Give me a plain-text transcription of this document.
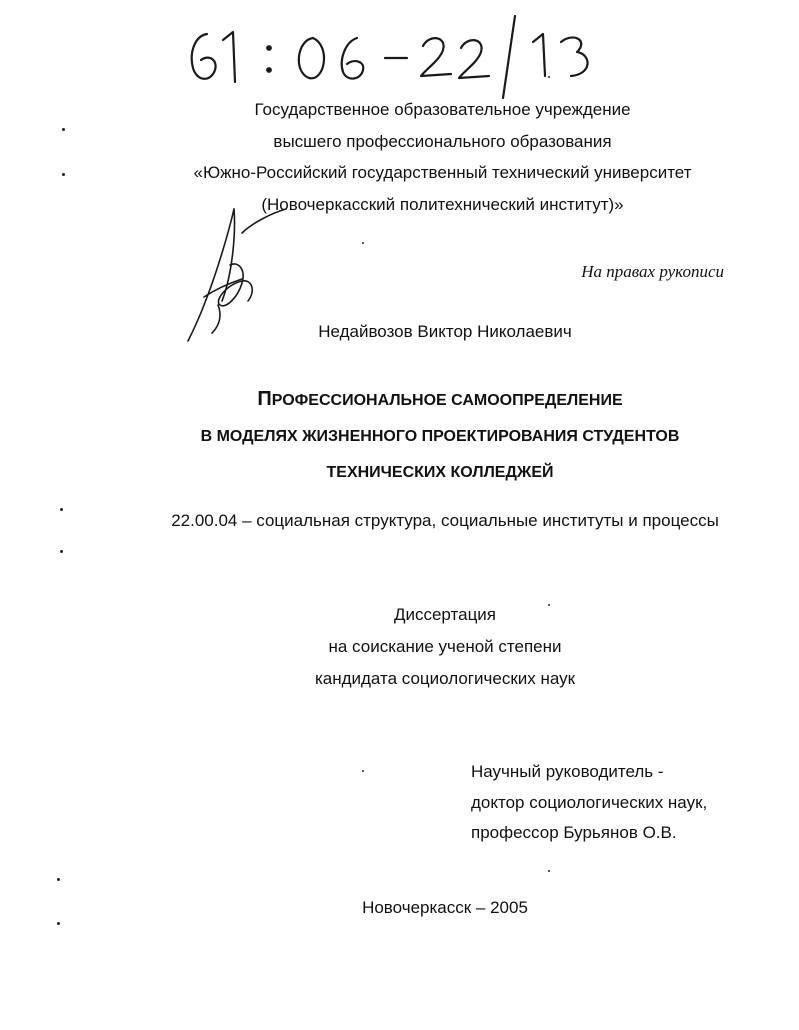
Государственное образовательное учреждение
высшего профессионального образования
«Южно-Российский государственный технический университет
(Новочеркасский политехнический институт)»
На правах рукописи
Недайвозов Виктор Николаевич
ПРОФЕССИОНАЛЬНОЕ САМООПРЕДЕЛЕНИЕ
В МОДЕЛЯХ ЖИЗНЕННОГО ПРОЕКТИРОВАНИЯ СТУДЕНТОВ
ТЕХНИЧЕСКИХ КОЛЛЕДЖЕЙ
22.00.04 – социальная структура, социальные институты и процессы
Диссертация
на соискание ученой степени
кандидата социологических наук
Научный руководитель -
доктор социологических наук,
профессор Бурьянов О.В.
Новочеркасск – 2005
